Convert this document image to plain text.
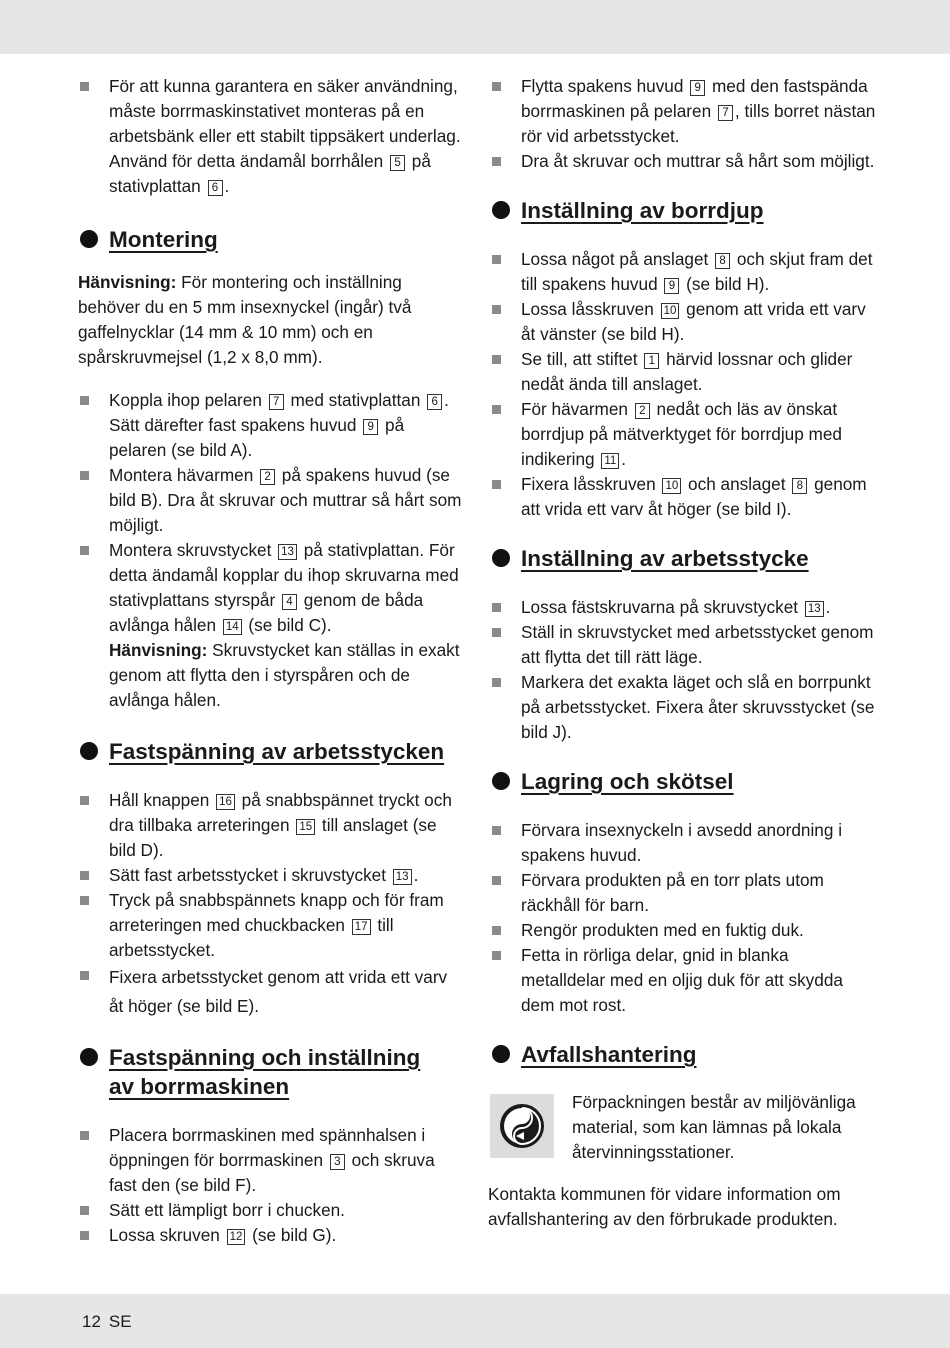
För att kunna garantera en säker användning, måste borrmaskinstativet monteras på en arbetsbänk eller ett stabilt tippsäkert underlag. Använd för detta ändamål borrhålen 5 på stativplattan 6 .
Montering

Hänvisning: För montering och inställning behöver du en 5 mm insexnyckel (ingår) två gaffelnycklar (14 mm & 10 mm) och en spårskruvmejsel (1,2 x 8,0 mm).

Koppla ihop pelaren 7 med stativplattan 6 . Sätt därefter fast spakens huvud 9 på pelaren (se bild A).
Montera hävarmen 2 på spakens huvud (se bild B). Dra åt skruvar och muttrar så hårt som möjligt.
Montera skruvstycket 13 på stativplattan. För detta ändamål kopplar du ihop skruvarna med stativplattans styrspår 4 genom de båda avlånga hålen 14 (se bild C).
Hänvisning: Skruvstycket kan ställas in exakt genom att flytta den i styrspåren och de avlånga hålen.
Fastspänning av arbetsstycken
Håll knappen 16 på snabbspännet tryckt och dra tillbaka arreteringen 15 till anslaget (se bild D).
Sätt fast arbetsstycket i skruvstycket 13 .
Tryck på snabbspännets knapp och för fram arreteringen med chuckbacken 17 till arbetsstycket.
Fixera arbetsstycket genom att vrida ett varv åt höger (se bild E).
Fastspänning och inställning
av borrmaskinen
Placera borrmaskinen med spännhalsen i öppningen för borrmaskinen 3 och skruva fast den (se bild F).
Sätt ett lämpligt borr i chucken.
Lossa skruven 12 (se bild G).
Flytta spakens huvud 9 med den fastspända borrmaskinen på pelaren 7 , tills borret nästan rör vid arbetsstycket.
Dra åt skruvar och muttrar så hårt som möjligt.
Inställning av borrdjup
Lossa något på anslaget 8 och skjut fram det till spakens huvud 9 (se bild H).
Lossa låsskruven 10 genom att vrida ett varv åt vänster (se bild H).
Se till, att stiftet 1 härvid lossnar och glider nedåt ända till anslaget.
För hävarmen 2 nedåt och läs av önskat borrdjup på mätverktyget för borrdjup med indikering 11 .
Fixera låsskruven 10 och anslaget 8 genom att vrida ett varv åt höger (se bild I).
Inställning av arbetsstycke
Lossa fästskruvarna på skruvstycket 13 .
Ställ in skruvstycket med arbetsstycket genom att flytta det till rätt läge.
Markera det exakta läget och slå en borrpunkt på arbetsstycket. Fixera åter skruvsstycket (se bild J).
Lagring och skötsel
Förvara insexnyckeln i avsedd anordning i spakens huvud.
Förvara produkten på en torr plats utom räckhåll för barn.
Rengör produkten med en fuktig duk.
Fetta in rörliga delar, gnid in blanka metalldelar med en oljig duk för att skydda dem mot rost.
Avfallshantering
Förpackningen består av miljövänliga material, som kan lämnas på lokala återvinningsstationer.

Kontakta kommunen för vidare information om avfallshantering av den förbrukade produkten.

12 SE
